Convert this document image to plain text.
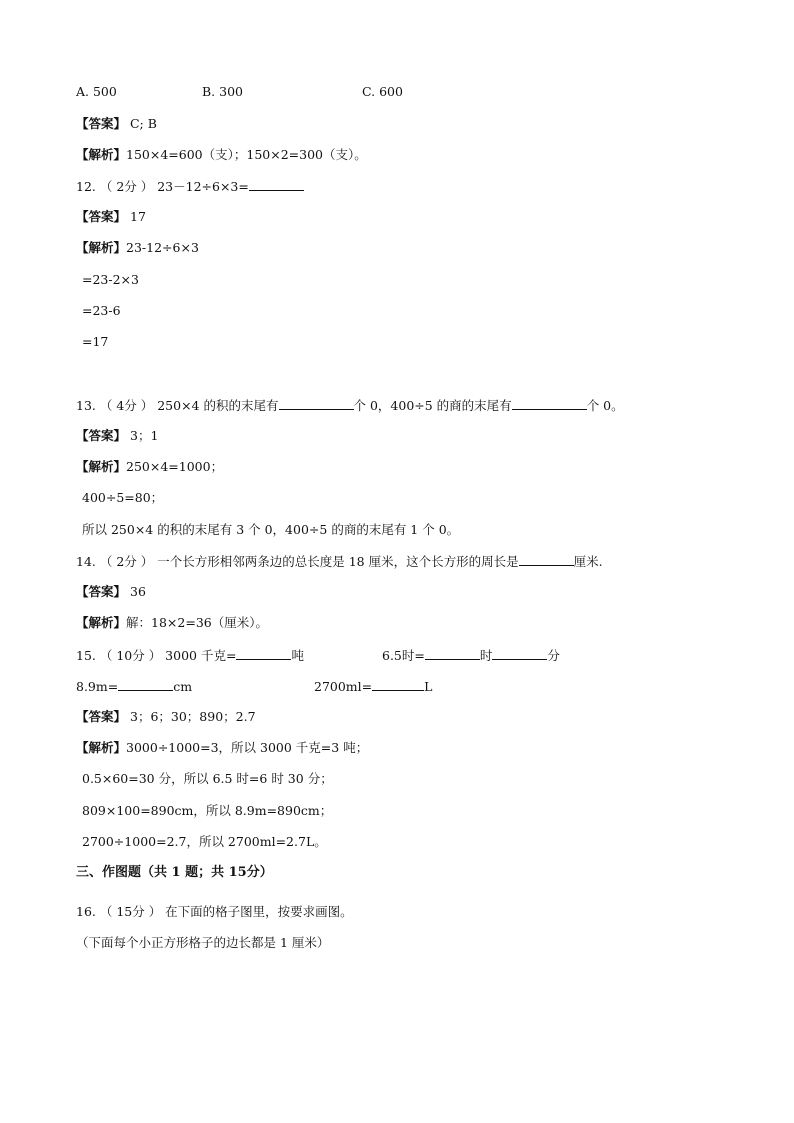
A. 500

	B. 300

	C. 600

【答案】 C; B
【解析】150×4=600（支）；150×2=300（支）。
12. （ 2分 ） 23－12÷6×3=
【答案】 17
【解析】23-12÷6×3
=23-2×3
=23-6
=17
13. （ 4分 ） 250×4 的积的末尾有	个 0，400÷5 的商的末尾有	个 0。
【答案】 3；1
【解析】250×4=1000；
400÷5=80；
所以 250×4 的积的末尾有 3 个 0，400÷5 的商的末尾有 1 个 0。
14. （ 2分 ） 一个长方形相邻两条边的总长度是 18 厘米，这个长方形的周长是	厘米.
【答案】 36
【解析】解：18×2=36（厘米）。

15. （ 10分 ） 3000 千克=	吨

	6.5时=	时	分

8.9m=	cm

	2700ml=	L

【答案】 3；6；30；890；2.7
【解析】3000÷1000=3，所以 3000 千克=3 吨；
0.5×60=30 分，所以 6.5 时=6 时 30 分；
809×100=890cm，所以 8.9m=890cm；
2700÷1000=2.7，所以 2700ml=2.7L。
三、作图题（共 1 题；共 15分）
16. （ 15分 ） 在下面的格子图里，按要求画图。
（下面每个小正方形格子的边长都是 1 厘米）
